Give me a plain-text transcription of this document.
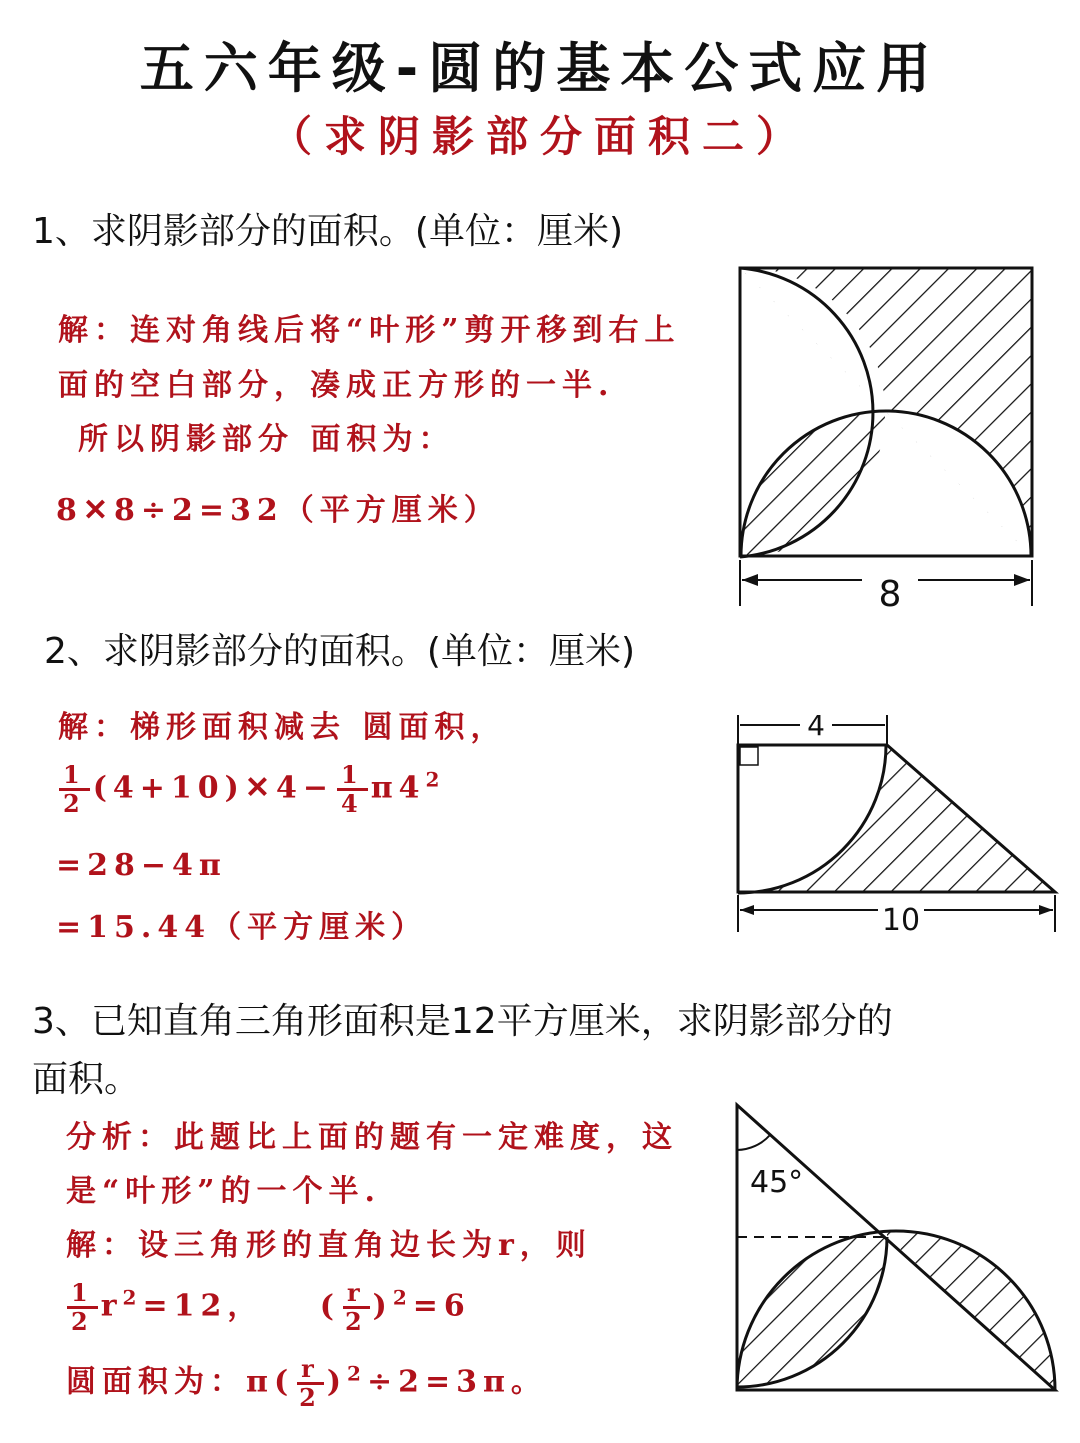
五六年级-圆的基本公式应用
（求阴影部分面积二）
1、求阴影部分的面积。(单位：厘米)
解：连对角线后将“叶形”剪开移到右上
面的空白部分，凑成正方形的一半.
所以阴影部分 面积为：
8✕8÷2=32（平方厘米）
8
4
10
45°
2、求阴影部分的面积。(单位：厘米)
解：梯形面积减去 圆面积，
$\frac{1}{2}$ (4+10)✕4− $\frac{1}{4} \pi 4^2$
=28−4π
=15.44（平方厘米）
3、已知直角三角形面积是12平方厘米，求阴影部分的
面积。
分析：此题比上面的题有一定难度，这
是“叶形”的一个半.
解：设三角形的直角边长为r，则
$\frac{1}{2} r^2=12$， ( $\frac{r}{2} )^2=6$
圆面积为：$\pi( \frac{r}{2} )^2\div 2=3\pi$。
